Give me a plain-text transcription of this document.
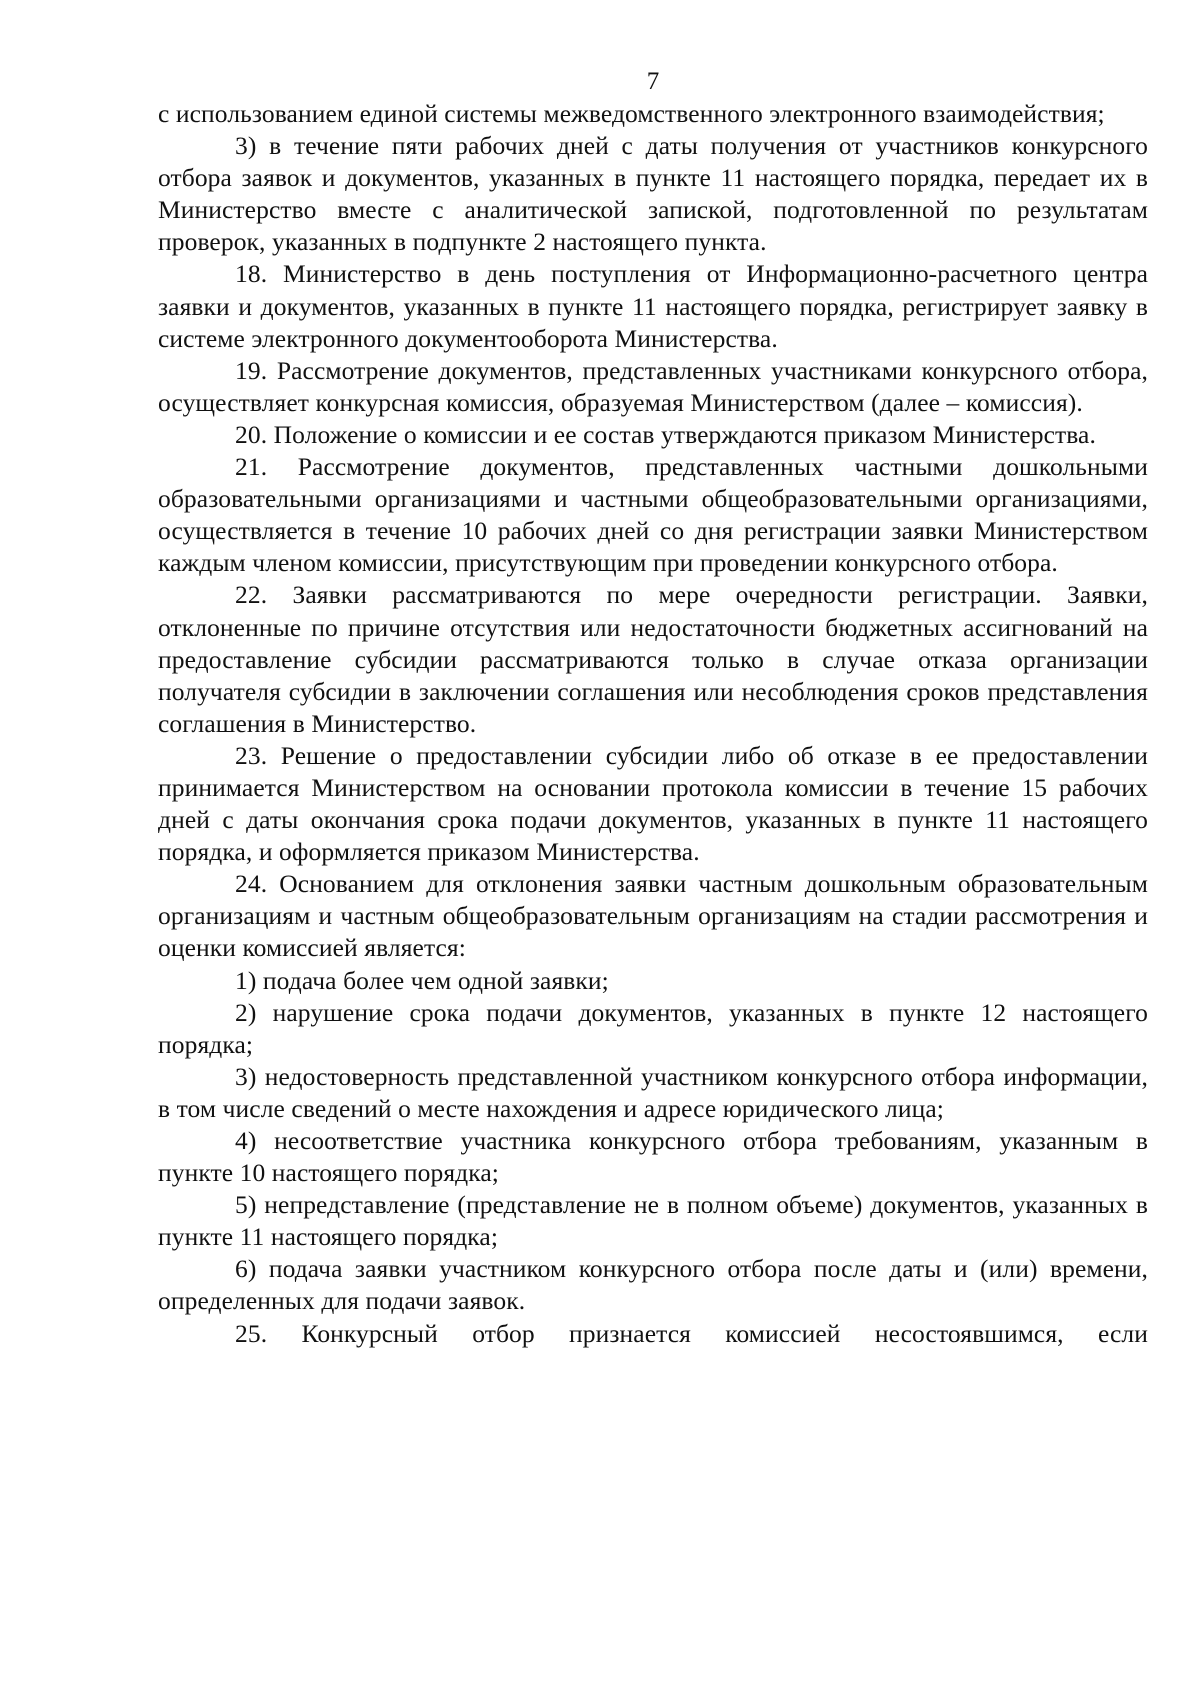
7

с использованием единой системы межведомственного электронного взаимодействия;

3) в течение пяти рабочих дней с даты получения от участников конкурсного отбора заявок и документов, указанных в пункте 11 настоящего порядка, передает их в Министерство вместе с аналитической запиской, подготовленной по результатам проверок, указанных в подпункте 2 настоящего пункта.

18. Министерство в день поступления от Информационно-расчетного центра заявки и документов, указанных в пункте 11 настоящего порядка, регистрирует заявку в системе электронного документооборота Министерства.

19. Рассмотрение документов, представленных участниками конкурсного отбора, осуществляет конкурсная комиссия, образуемая Министерством (далее – комиссия).

20. Положение о комиссии и ее состав утверждаются приказом Министерства.

21. Рассмотрение документов, представленных частными дошкольными образовательными организациями и частными общеобразовательными организациями, осуществляется в течение 10 рабочих дней со дня регистрации заявки Министерством каждым членом комиссии, присутствующим при проведении конкурсного отбора.

22. Заявки рассматриваются по мере очередности регистрации. Заявки, отклоненные по причине отсутствия или недостаточности бюджетных ассигнований на предоставление субсидии рассматриваются только в случае отказа организации получателя субсидии в заключении соглашения или несоблюдения сроков представления соглашения в Министерство.

23. Решение о предоставлении субсидии либо об отказе в ее предоставлении принимается Министерством на основании протокола комиссии в течение 15 рабочих дней с даты окончания срока подачи документов, указанных в пункте 11 настоящего порядка, и оформляется приказом Министерства.

24. Основанием для отклонения заявки частным дошкольным образовательным организациям и частным общеобразовательным организациям на стадии рассмотрения и оценки комиссией является:

1) подача более чем одной заявки;

2) нарушение срока подачи документов, указанных в пункте 12 настоящего порядка;

3) недостоверность представленной участником конкурсного отбора информации, в том числе сведений о месте нахождения и адресе юридического лица;

4) несоответствие участника конкурсного отбора требованиям, указанным в пункте 10 настоящего порядка;

5) непредставление (представление не в полном объеме) документов, указанных в пункте 11 настоящего порядка;

6) подача заявки участником конкурсного отбора после даты и (или) времени, определенных для подачи заявок.

25. Конкурсный отбор признается комиссией несостоявшимся, если
